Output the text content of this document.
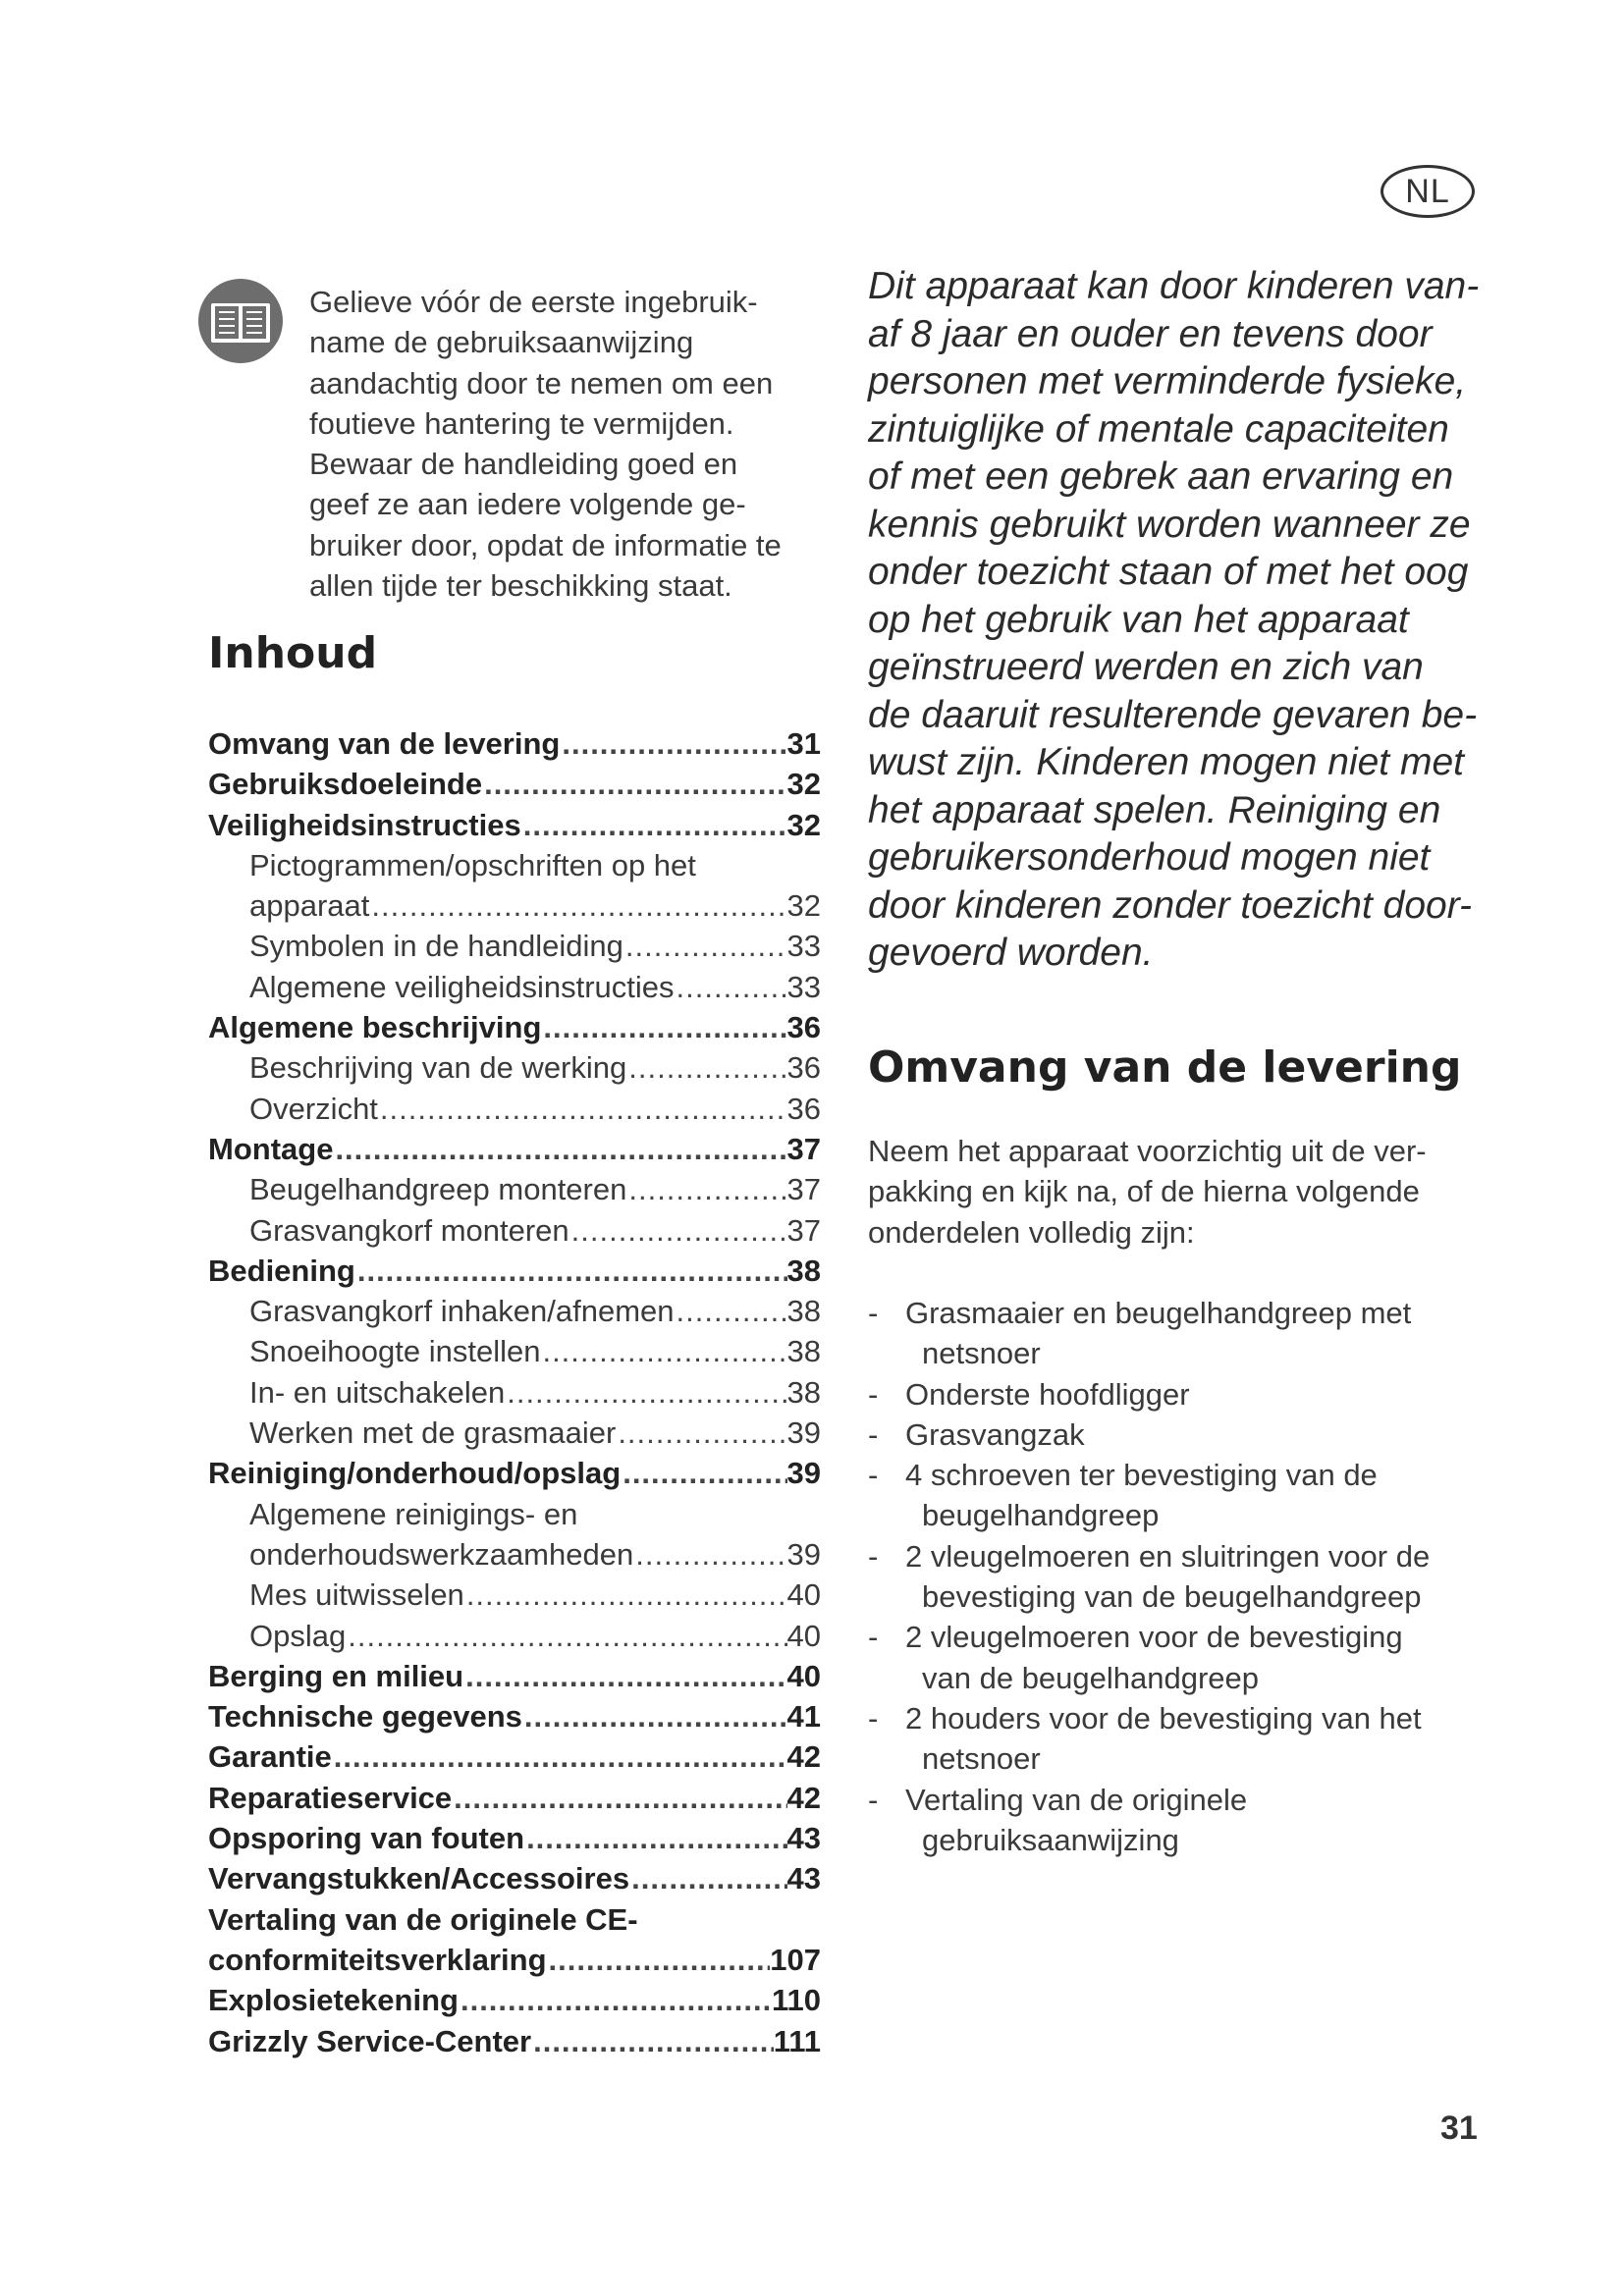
NL
Gelieve vóór de eerste ingebruik-
name de gebruiksaanwijzing
aandachtig door te nemen om een
foutieve hantering te vermijden.
Bewaar de handleiding goed en
geef ze aan iedere volgende ge-
bruiker door, opdat de informatie te
allen tijde ter beschikking staat.
Inhoud
Omvang van de levering .....	31
Gebruiksdoeleinde .....	32
Veiligheidsinstructies .....	32
Pictogrammen/opschriften op het
apparaat .....	32
Symbolen in de handleiding .....	33
Algemene veiligheidsinstructies .....	33
Algemene beschrijving .....	36
Beschrijving van de werking .....	36
Overzicht .....	36
Montage .....	37
Beugelhandgreep monteren .....	37
Grasvangkorf monteren .....	37
Bediening .....	38
Grasvangkorf inhaken/afnemen .....	38
Snoeihoogte instellen .....	38
In- en uitschakelen .....	38
Werken met de grasmaaier .....	39
Reiniging/onderhoud/opslag .....	39
Algemene reinigings- en
onderhoudswerkzaamheden .....	39
Mes uitwisselen .....	40
Opslag .....	40
Berging en milieu .....	40
Technische gegevens .....	41
Garantie .....	42
Reparatieservice .....	42
Opsporing van fouten .....	43
Vervangstukken/Accessoires .....	43
Vertaling van de originele CE-
conformiteitsverklaring .....	107
Explosietekening .....	110
Grizzly Service-Center .....	111
Dit apparaat kan door kinderen van-
af 8 jaar en ouder en tevens door
personen met verminderde fysieke,
zintuiglijke of mentale capaciteiten
of met een gebrek aan ervaring en
kennis gebruikt worden wanneer ze
onder toezicht staan of met het oog
op het gebruik van het apparaat
geïnstrueerd werden en zich van
de daaruit resulterende gevaren be-
wust zijn. Kinderen mogen niet met
het apparaat spelen. Reiniging en
gebruikersonderhoud mogen niet
door kinderen zonder toezicht door-
gevoerd worden.
Omvang van de levering
Neem het apparaat voorzichtig uit de ver-
pakking en kijk na, of de hierna volgende
onderdelen volledig zijn:
- Grasmaaier en beugelhandgreep met
netsnoer
- Onderste hoofdligger
- Grasvangzak
- 4 schroeven ter bevestiging van de
beugelhandgreep
- 2 vleugelmoeren en sluitringen voor de
bevestiging van de beugelhandgreep
- 2 vleugelmoeren voor de bevestiging
van de beugelhandgreep
- 2 houders voor de bevestiging van het
netsnoer
- Vertaling van de originele
gebruiksaanwijzing
31
